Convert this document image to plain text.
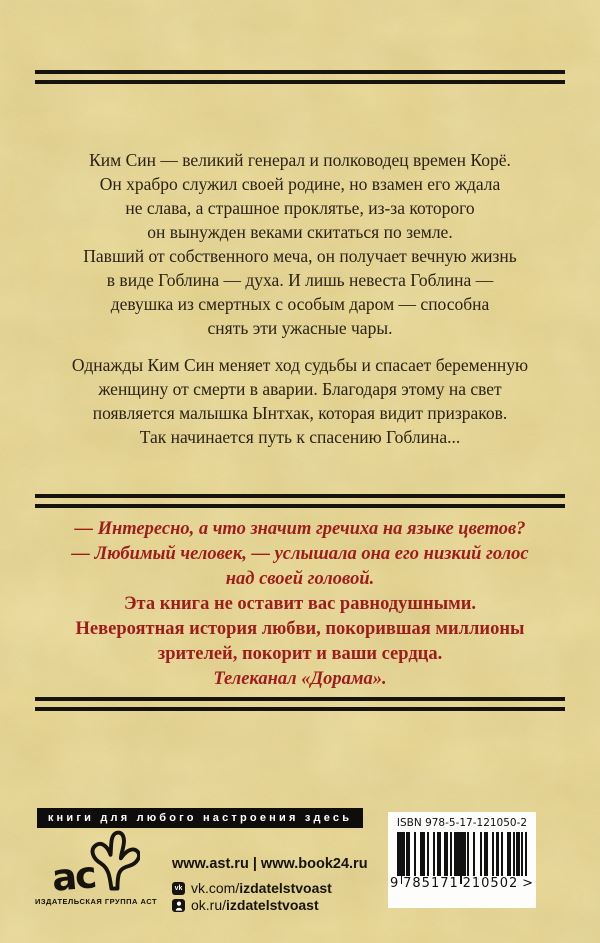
Ким Син — великий генерал и полководец времен Корё.
Он храбро служил своей родине, но взамен его ждала
не слава, а страшное проклятье, из-за которого
он вынужден веками скитаться по земле.
Павший от собственного меча, он получает вечную жизнь
в виде Гоблина — духа. И лишь невеста Гоблина —
девушка из смертных с особым даром — способна
снять эти ужасные чары.
Однажды Ким Син меняет ход судьбы и спасает беременную
женщину от смерти в аварии. Благодаря этому на свет
появляется малышка Ынтхак, которая видит призраков.
Так начинается путь к спасению Гоблина...
— Интересно, а что значит гречиха на языке цветов?
— Любимый человек, — услышала она его низкий голос
над своей головой.
Эта книга не оставит вас равнодушными.
Невероятная история любви, покорившая миллионы
зрителей, покорит и ваши сердца.
Телеканал «Дорама».
книги для любого настроения здесь
ас
ИЗДАТЕЛЬСКАЯ ГРУППА АСТ
www.ast.ru | www.book24.ru
vk vk.com/izdatelstvoast
ok.ru/izdatelstvoast
ISBN 978-5-17-121050-2
9 785171 210502 >
